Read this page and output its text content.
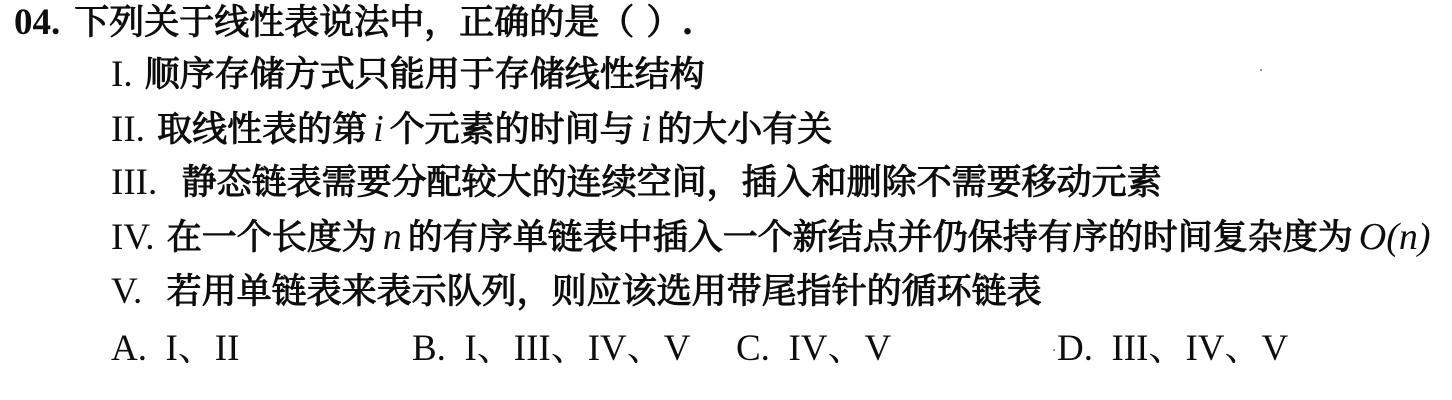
04. 下列关于线性表说法中，正确的是（ ）.
I. 顺序存储方式只能用于存储线性结构
II. 取线性表的第 i 个元素的时间与 i 的大小有关
III. 静态链表需要分配较大的连续空间，插入和删除不需要移动元素
IV. 在一个长度为 n 的有序单链表中插入一个新结点并仍保持有序的时间复杂度为 O(n)
V. 若用单链表来表示队列，则应该选用带尾指针的循环链表
A. I、II	B. I、III、IV、V C. IV、V	D. III、IV、V
